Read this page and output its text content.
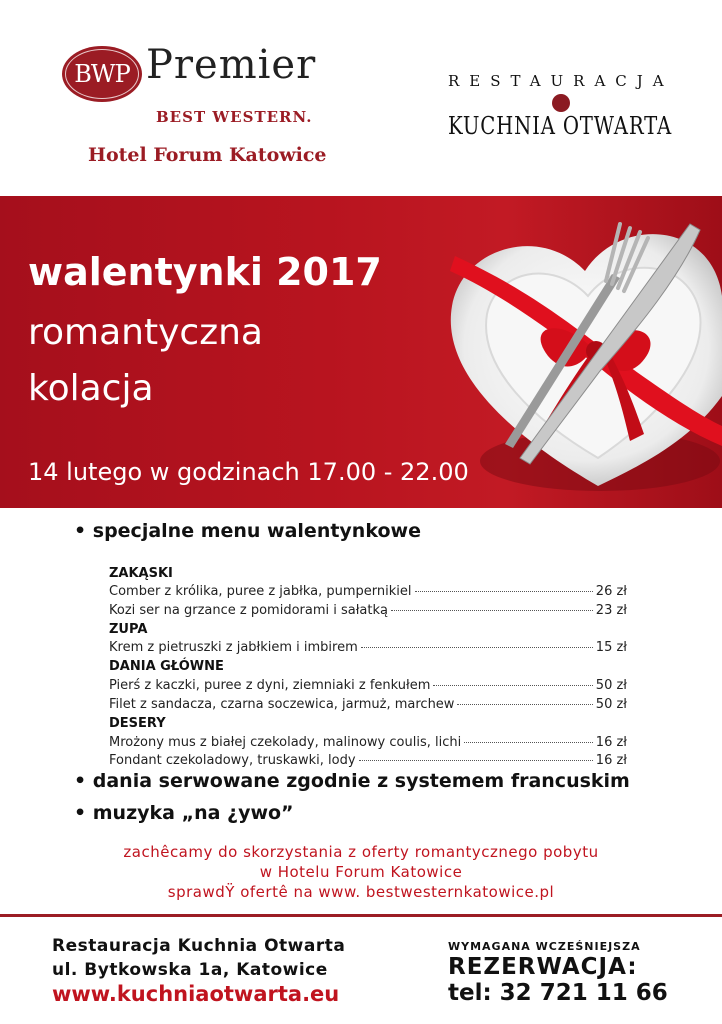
BWP Premier
BEST WESTERN.
Hotel Forum Katowice
RESTAURACJA
KUCHNIA OTWARTA
walentynki 2017
romantyczna
kolacja
14 lutego w godzinach 17.00 - 22.00
• specjalne menu walentynkowe
ZAKĄSKI
Comber z królika, puree z jabłka, pumpernikiel	26 zł
Kozi ser na grzance z pomidorami i sałatką	23 zł
ZUPA
Krem z pietruszki z jabłkiem i imbirem	15 zł
DANIA GŁÓWNE
Pierś z kaczki, puree z dyni, ziemniaki z fenkułem	50 zł
Filet z sandacza, czarna soczewica, jarmuż, marchew	50 zł
DESERY
Mrożony mus z białej czekolady, malinowy coulis, lichi	16 zł
Fondant czekoladowy, truskawki, lody	16 zł
• dania serwowane zgodnie z systemem francuskim
• muzyka „na ¿ywo”
zachêcamy do skorzystania z oferty romantycznego pobytu
w Hotelu Forum Katowice
sprawdŸ ofertê na www. bestwesternkatowice.pl
Restauracja Kuchnia Otwarta
ul. Bytkowska 1a, Katowice
www.kuchniaotwarta.eu
WYMAGANA WCZEŚNIEJSZA
REZERWACJA:
tel: 32 721 11 66
